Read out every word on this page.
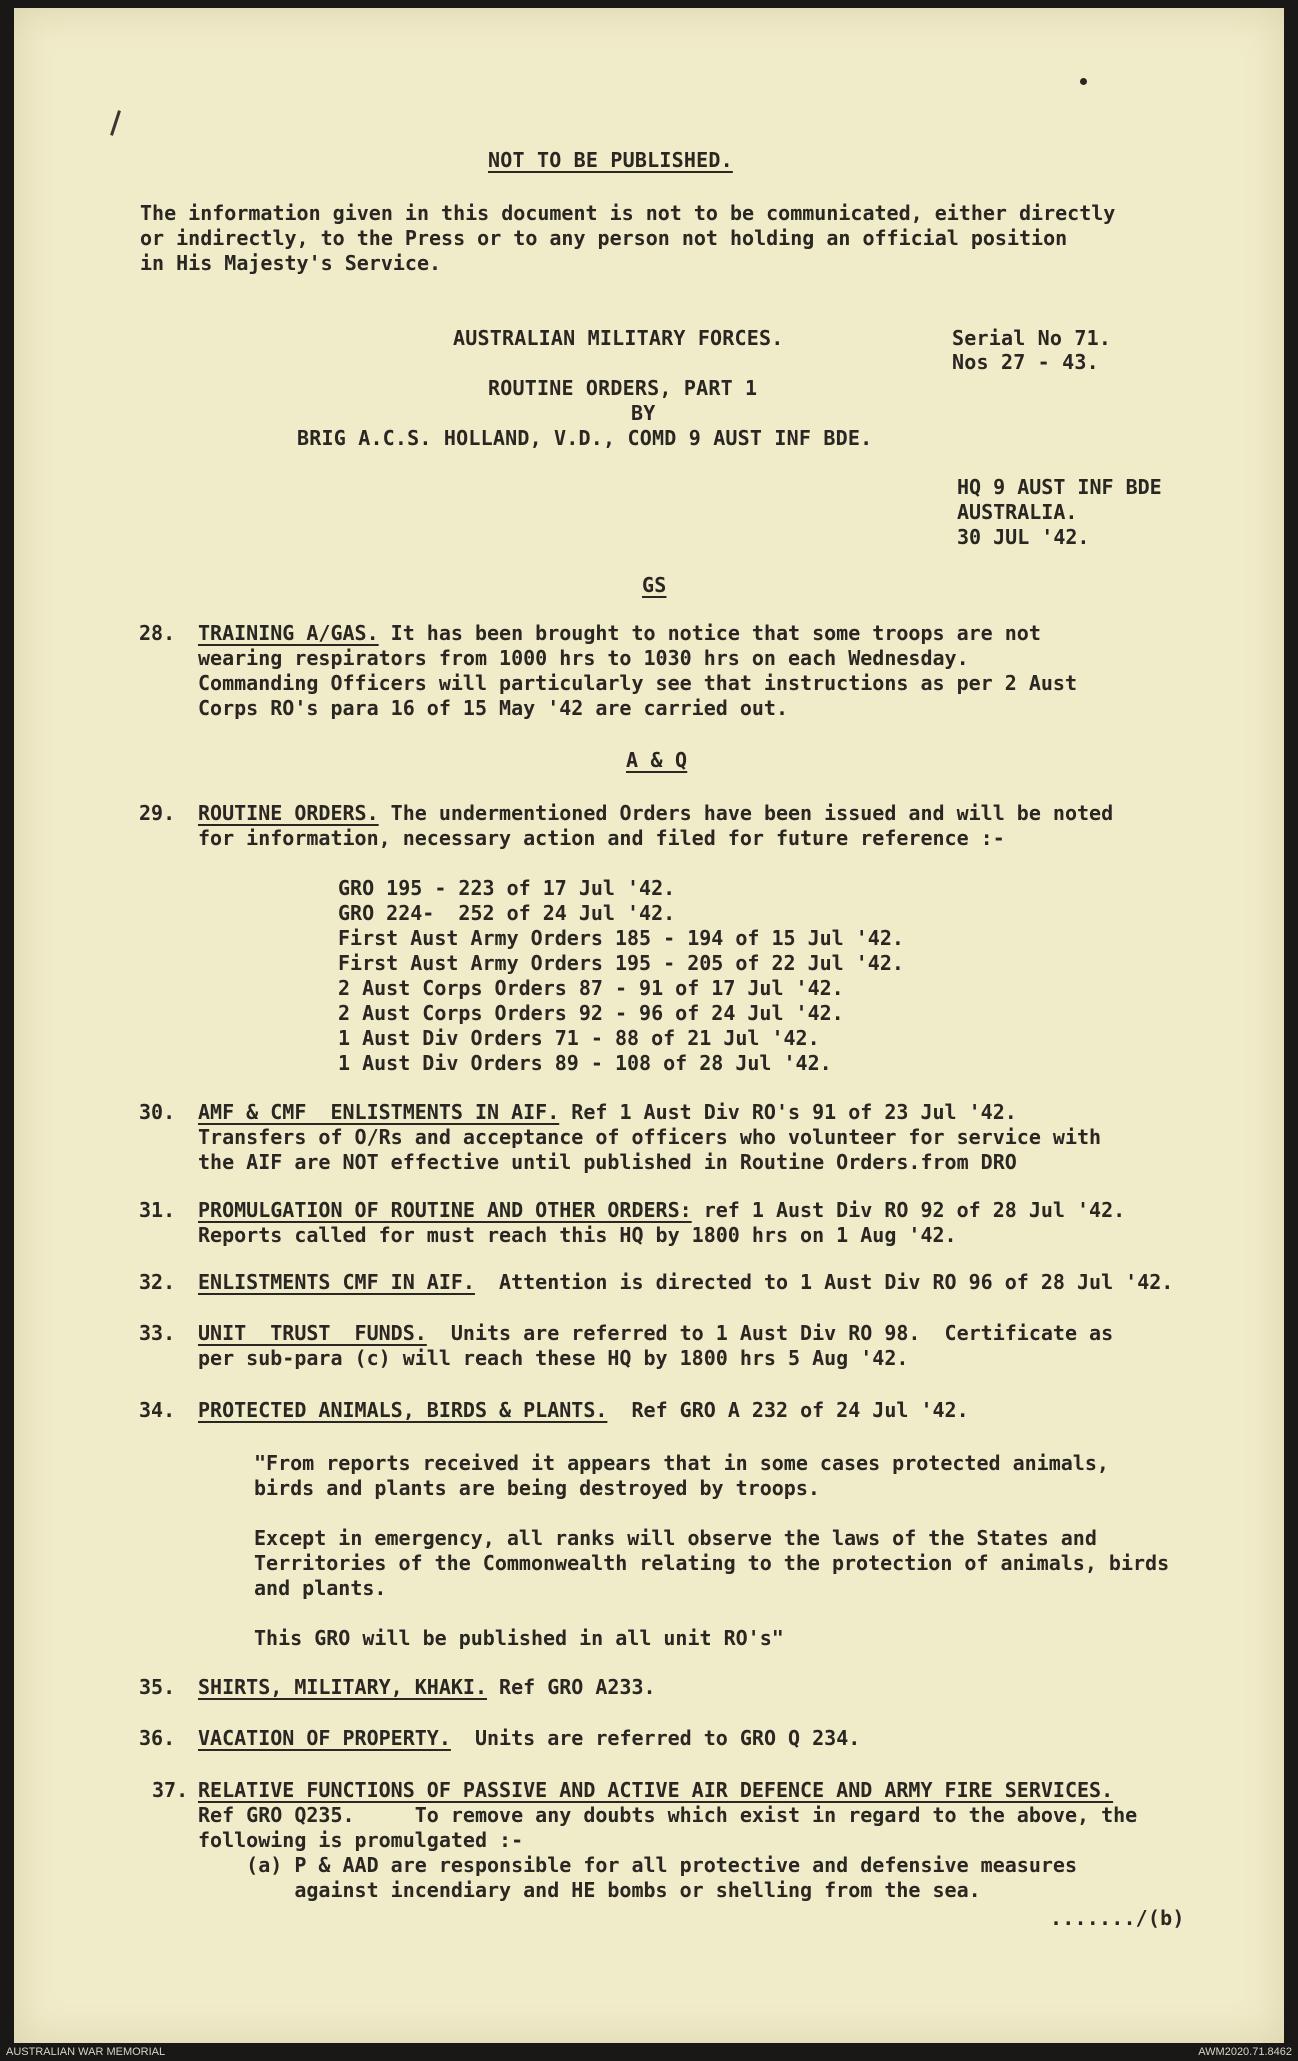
NOT TO BE PUBLISHED.
The information given in this document is not to be communicated, either directly
or indirectly, to the Press or to any person not holding an official position
in His Majesty's Service.
AUSTRALIAN MILITARY FORCES.	Serial No 71.
Nos 27 - 43.
ROUTINE ORDERS, PART 1
BY
BRIG A.C.S. HOLLAND, V.D., COMD 9 AUST INF BDE.
HQ 9 AUST INF BDE
AUSTRALIA.
30 JUL '42.
GS
28. TRAINING A/GAS. It has been brought to notice that some troops are not
wearing respirators from 1000 hrs to 1030 hrs on each Wednesday.
Commanding Officers will particularly see that instructions as per 2 Aust
Corps RO's para 16 of 15 May '42 are carried out.
A & Q
29. ROUTINE ORDERS. The undermentioned Orders have been issued and will be noted
for information, necessary action and filed for future reference :-
GRO 195 - 223 of 17 Jul '42.
GRO 224-  252 of 24 Jul '42.
First Aust Army Orders 185 - 194 of 15 Jul '42.
First Aust Army Orders 195 - 205 of 22 Jul '42.
2 Aust Corps Orders 87 - 91 of 17 Jul '42.
2 Aust Corps Orders 92 - 96 of 24 Jul '42.
1 Aust Div Orders 71 - 88 of 21 Jul '42.
1 Aust Div Orders 89 - 108 of 28 Jul '42.
30. AMF & CMF  ENLISTMENTS IN AIF. Ref 1 Aust Div RO's 91 of 23 Jul '42.
Transfers of O/Rs and acceptance of officers who volunteer for service with
the AIF are NOT effective until published in Routine Orders.from DRO
31. PROMULGATION OF ROUTINE AND OTHER ORDERS: ref 1 Aust Div RO 92 of 28 Jul '42.
Reports called for must reach this HQ by 1800 hrs on 1 Aug '42.
32. ENLISTMENTS CMF IN AIF.  Attention is directed to 1 Aust Div RO 96 of 28 Jul '42.
33. UNIT  TRUST  FUNDS.  Units are referred to 1 Aust Div RO 98.  Certificate as
per sub-para (c) will reach these HQ by 1800 hrs 5 Aug '42.
34. PROTECTED ANIMALS, BIRDS & PLANTS.  Ref GRO A 232 of 24 Jul '42.
"From reports received it appears that in some cases protected animals,
birds and plants are being destroyed by troops.

Except in emergency, all ranks will observe the laws of the States and
Territories of the Commonwealth relating to the protection of animals, birds
and plants.

This GRO will be published in all unit RO's"
35. SHIRTS, MILITARY, KHAKI. Ref GRO A233.
36. VACATION OF PROPERTY.  Units are referred to GRO Q 234.
37. RELATIVE FUNCTIONS OF PASSIVE AND ACTIVE AIR DEFENCE AND ARMY FIRE SERVICES.
Ref GRO Q235.     To remove any doubts which exist in regard to the above, the
following is promulgated :-
(a) P & AAD are responsible for all protective and defensive measures
against incendiary and HE bombs or shelling from the sea.
......./(b)
AUSTRALIAN WAR MEMORIAL	AWM2020.71.8462
